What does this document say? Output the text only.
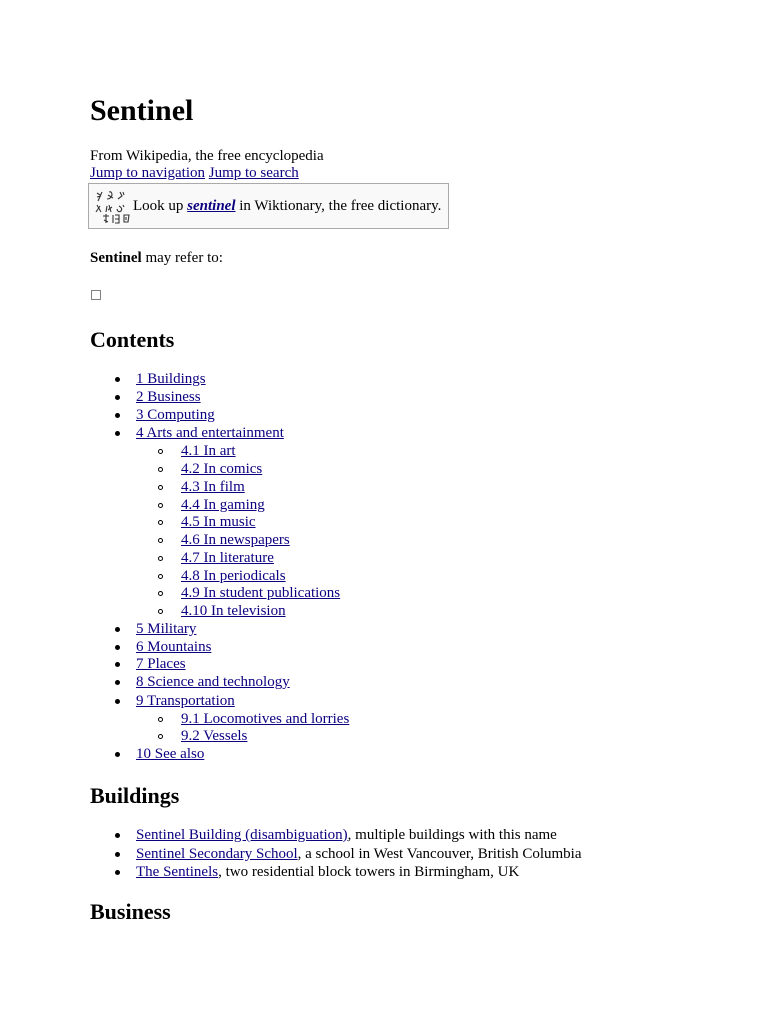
Sentinel
From Wikipedia, the free encyclopedia
Jump to navigation Jump to search
Look up sentinel in Wiktionary, the free dictionary.
Sentinel may refer to:
Contents
1 Buildings
2 Business
3 Computing
4 Arts and entertainment
4.1 In art
4.2 In comics
4.3 In film
4.4 In gaming
4.5 In music
4.6 In newspapers
4.7 In literature
4.8 In periodicals
4.9 In student publications
4.10 In television
5 Military
6 Mountains
7 Places
8 Science and technology
9 Transportation
9.1 Locomotives and lorries
9.2 Vessels
10 See also
Buildings
Sentinel Building (disambiguation), multiple buildings with this name
Sentinel Secondary School, a school in West Vancouver, British Columbia
The Sentinels, two residential block towers in Birmingham, UK
Business
